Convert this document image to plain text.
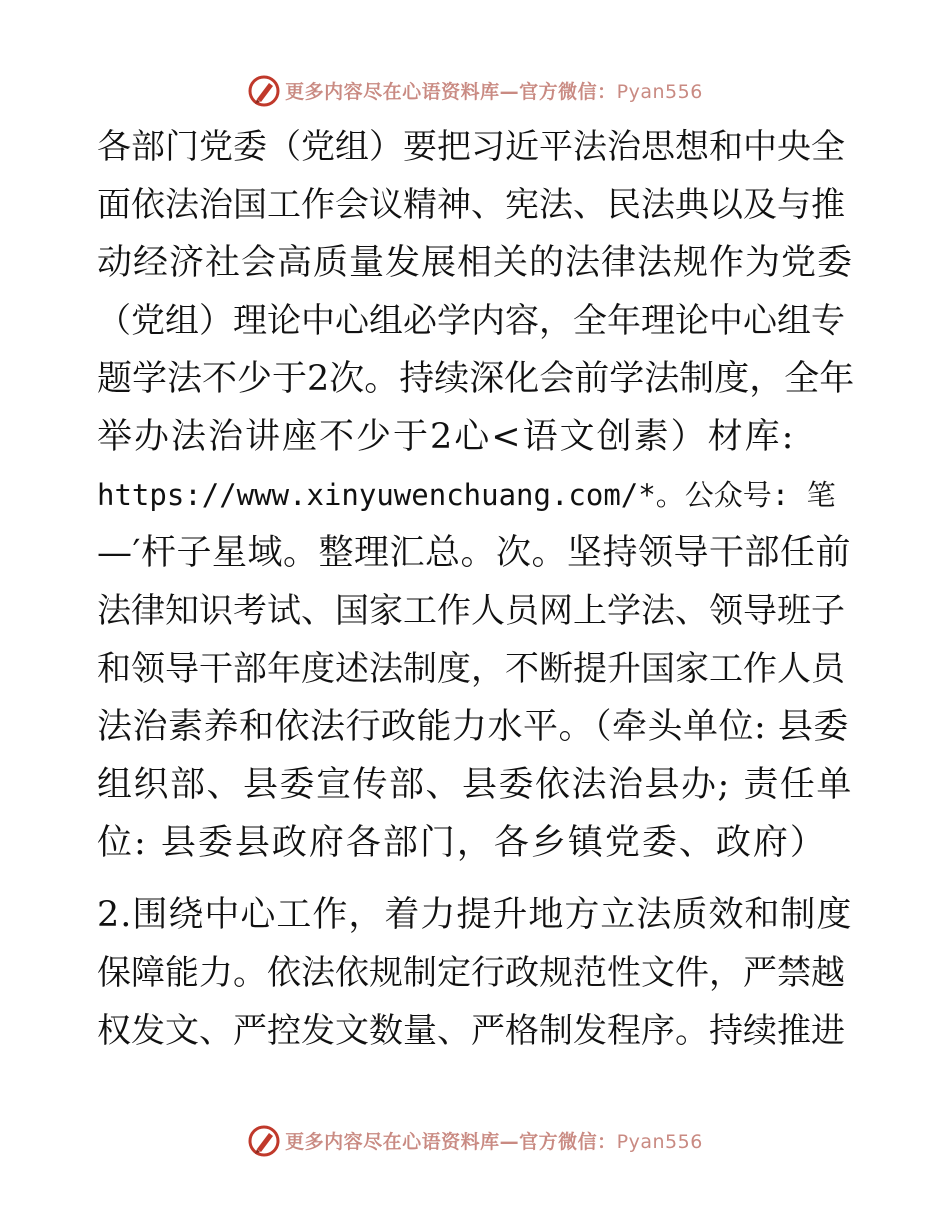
更多内容尽在心语资料库—官方微信：Pyan556
各部门党委（党组）要把习近平法治思想和中央全
面依法治国工作会议精神、宪法、民法典以及与推
动经济社会高质量发展相关的法律法规作为党委
（党组）理论中心组必学内容，全年理论中心组专
题学法不少于2次。持续深化会前学法制度，全年
举办法治讲座不少于2心<语文创素）材库:
https://www.xinyuwenchuang.com/*。公众号: 笔
—′杆子星域。整理汇总。次。坚持领导干部任前
法律知识考试、国家工作人员网上学法、领导班子
和领导干部年度述法制度，不断提升国家工作人员
法治素养和依法行政能力水平。（牵头单位: 县委
组织部、县委宣传部、县委依法治县办; 责任单
位: 县委县政府各部门，各乡镇党委、政府）
2.围绕中心工作，着力提升地方立法质效和制度
保障能力。依法依规制定行政规范性文件，严禁越
权发文、严控发文数量、严格制发程序。持续推进
更多内容尽在心语资料库—官方微信：Pyan556
